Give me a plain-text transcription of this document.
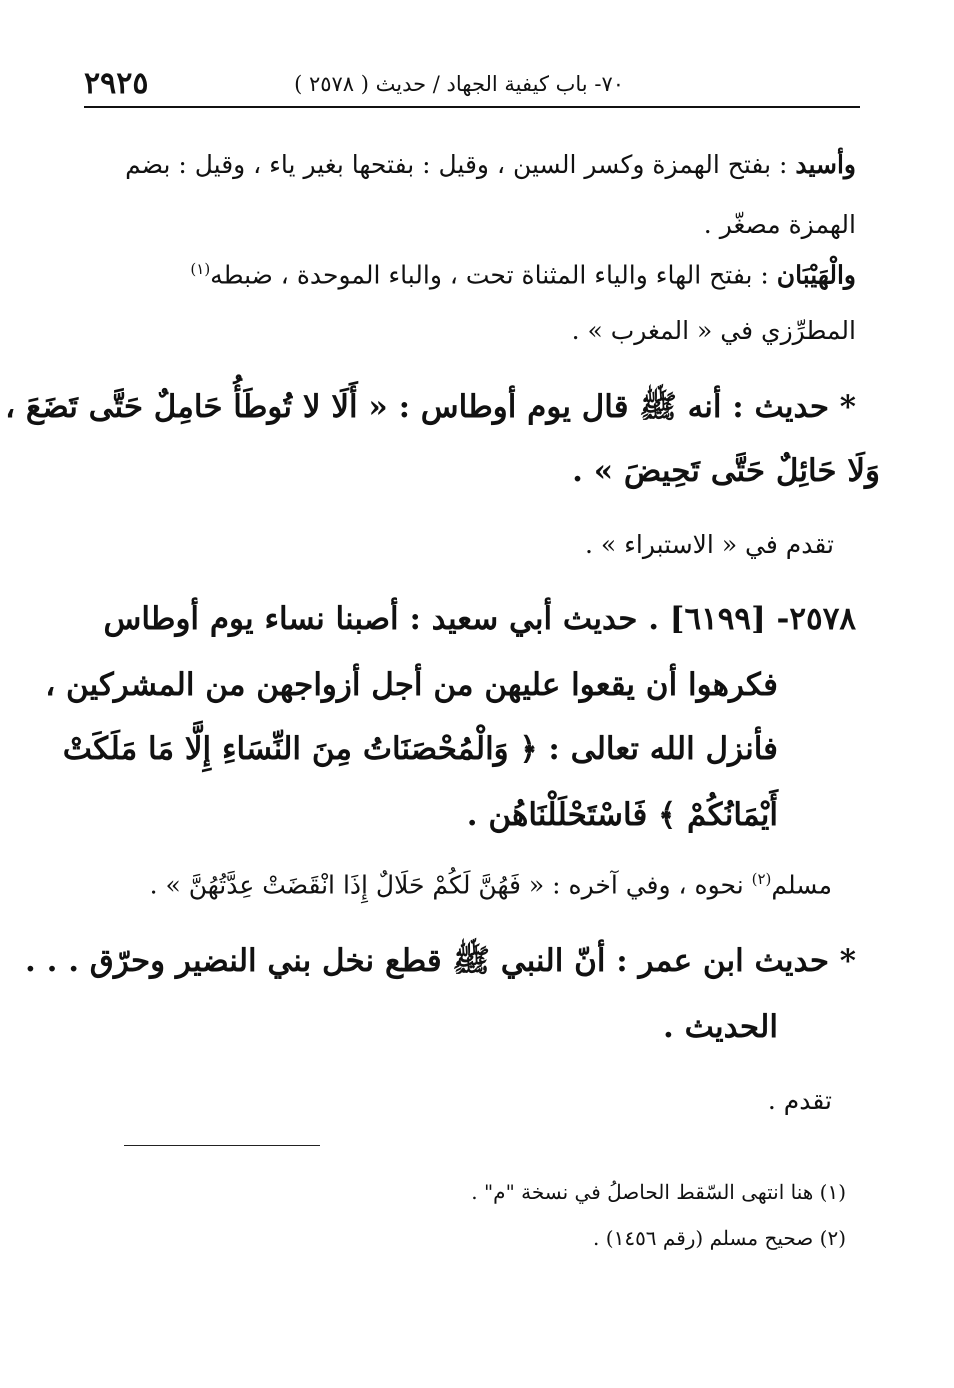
٢٩٢٥	٧٠- باب كيفية الجهاد / حديث ( ٢٥٧٨ )
وأسيد : بفتح الهمزة وكسر السين ، وقيل : بفتحها بغير ياء ، وقيل : بضم
الهمزة مصغّر .
والْهَيْبَان : بفتح الهاء والياء المثناة تحت ، والباء الموحدة ، ضبطه$^{(١)}$
المطرِّزي في « المغرب » .
* حديث : أنه ﷺ قال يوم أوطاس : « أَلَا لا تُوطَأُ حَامِلٌ حَتَّى تَضَعَ ،
وَلَا حَائِلٌ حَتَّى تَحِيضَ » .
تقدم في « الاستبراء » .
٢٥٧٨- [٦١٩٩] . حديث أبي سعيد : أصبنا نساء يوم أوطاس
فكرهوا أن يقعوا عليهن من أجل أزواجهن من المشركين ،
فأنزل الله تعالى : ﴿ وَالْمُحْصَنَاتُ مِنَ النِّسَاءِ إِلَّا مَا مَلَكَتْ
أَيْمَانُكُمْ ﴾ فَاسْتَحْلَلْنَاهُن .
مسلم$^{(٢)}$ نحوه ، وفي آخره : « فَهُنَّ لَكُمْ حَلَالٌ إِذَا انْقَضَتْ عِدَّتُهُنَّ » .
* حديث ابن عمر : أنّ النبي ﷺ قطع نخل بني النضير وحرّق . . .
الحديث .
تقدم .
(١) هنا انتهى السّقط الحاصلُ في نسخة "م" .
(٢) صحيح مسلم (رقم ١٤٥٦) .
